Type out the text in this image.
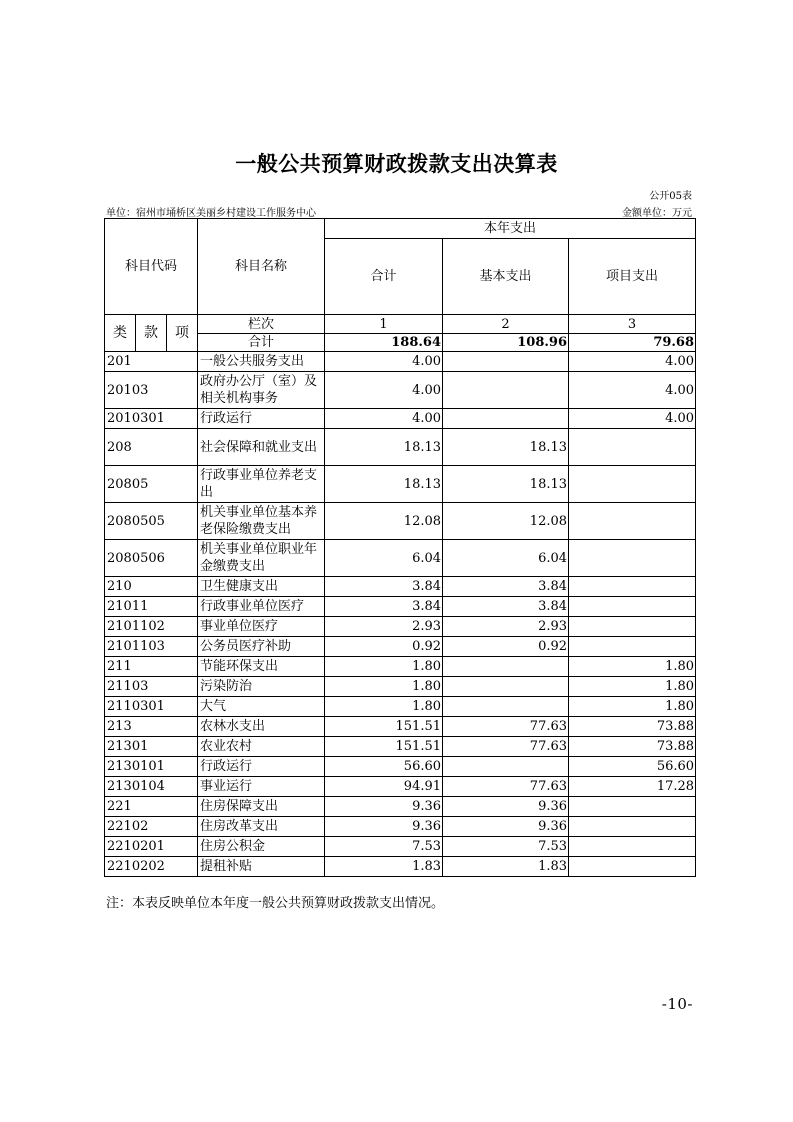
一般公共预算财政拨款支出决算表
公开05表
单位：宿州市埇桥区美丽乡村建设工作服务中心	金额单位：万元
科目代码			科目名称	本年支出		
				合计	基本支出	项目支出
类	款	项	栏次	1	2	3
			合计	188.64	108.96	79.68
201			一般公共服务支出	4.00		4.00
20103			政府办公厅（室）及相关机构事务	4.00		4.00
2010301			行政运行	4.00		4.00
208			社会保障和就业支出	18.13	18.13	
20805			行政事业单位养老支出	18.13	18.13	
2080505			机关事业单位基本养老保险缴费支出	12.08	12.08	
2080506			机关事业单位职业年金缴费支出	6.04	6.04	
210			卫生健康支出	3.84	3.84	
21011			行政事业单位医疗	3.84	3.84	
2101102			事业单位医疗	2.93	2.93	
2101103			公务员医疗补助	0.92	0.92	
211			节能环保支出	1.80		1.80
21103			污染防治	1.80		1.80
2110301			大气	1.80		1.80
213			农林水支出	151.51	77.63	73.88
21301			农业农村	151.51	77.63	73.88
2130101			行政运行	56.60		56.60
2130104			事业运行	94.91	77.63	17.28
221			住房保障支出	9.36	9.36	
22102			住房改革支出	9.36	9.36	
2210201			住房公积金	7.53	7.53	
2210202			提租补贴	1.83	1.83	
注：本表反映单位本年度一般公共预算财政拨款支出情况。
-10-
